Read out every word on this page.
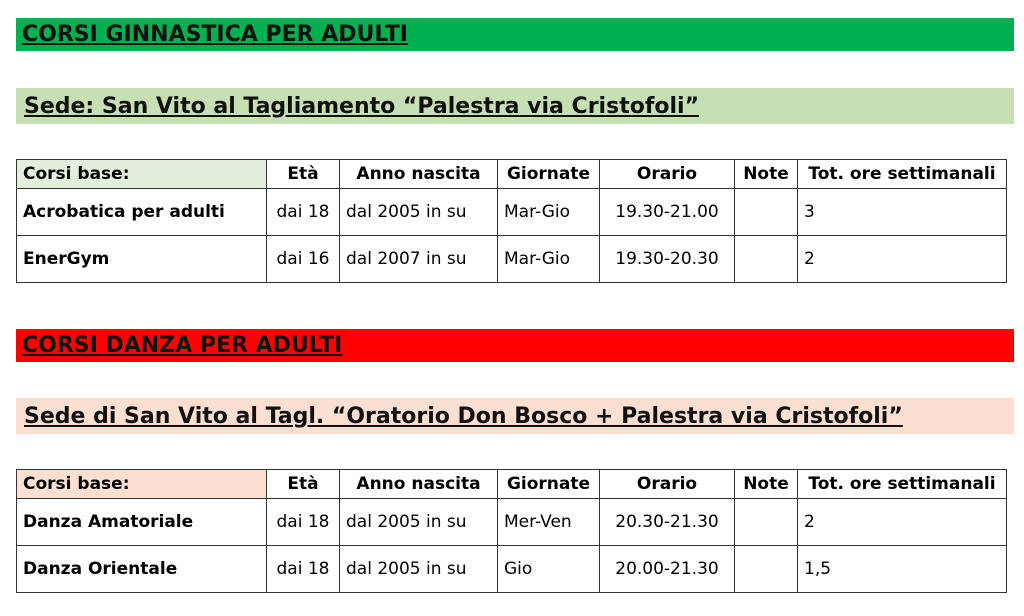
CORSI GINNASTICA PER ADULTI
Sede: San Vito al Tagliamento “Palestra via Cristofoli”
Corsi base:	Età	Anno nascita	Giornate	Orario	Note	Tot. ore settimanali
Acrobatica per adulti	dai 18	dal 2005 in su	Mar-Gio	19.30-21.00		3
EnerGym	dai 16	dal 2007 in su	Mar-Gio	19.30-20.30		2
CORSI DANZA PER ADULTI
Sede di San Vito al Tagl. “Oratorio Don Bosco + Palestra via Cristofoli”
Corsi base:	Età	Anno nascita	Giornate	Orario	Note	Tot. ore settimanali
Danza Amatoriale	dai 18	dal 2005 in su	Mer-Ven	20.30-21.30		2
Danza Orientale	dai 18	dal 2005 in su	Gio	20.00-21.30		1,5
